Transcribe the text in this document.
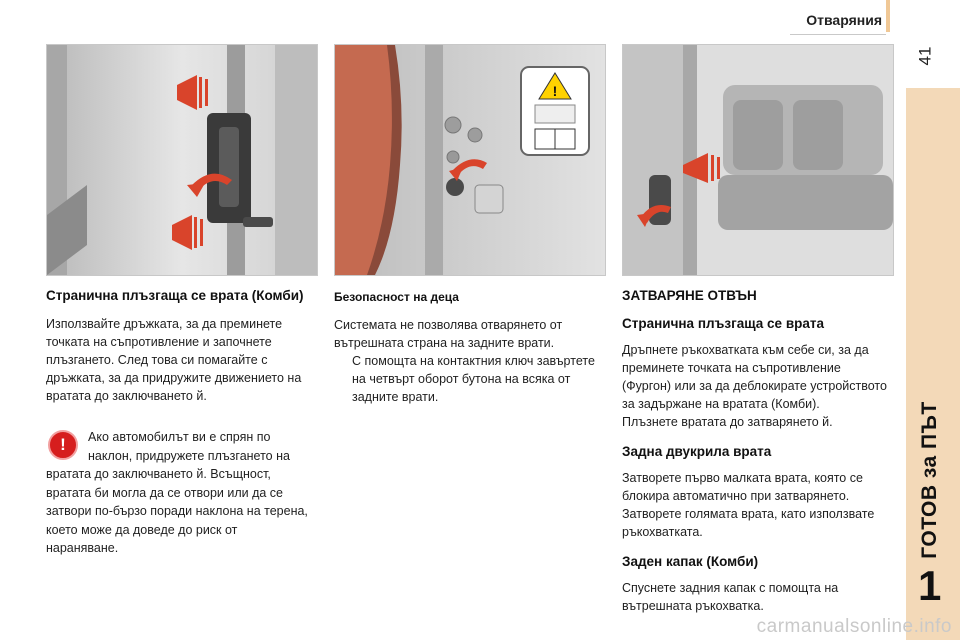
Отваряния
41
ГОТОВ за ПЪТ
1
!

Странична плъзгаща се врата (Комби)

Използвайте дръжката, за да преминете точката на съпротивление и започнете плъзгането. След това си помагайте с дръжката, за да придружите движението на вратата до заключването й.

!	Ако автомобилът ви е спрян по наклон, придружете плъзгането на вратата до заключването й. Всъщност, вратата би могла да се отвори или да се затвори по-бързо поради наклона на терена, което може да доведе до риск от нараняване.

Безопасност на деца

Системата не позволява отварянето от вътрешната страна на задните врати.

С помощта на контактния ключ завъртете на четвърт оборот бутона на всяка от задните врати.

ЗАТВАРЯНЕ ОТВЪН

Странична плъзгаща се врата

Дръпнете ръкохватката към себе си, за да преминете точката на съпротивление (Фургон) или за да деблокирате устройството за задържане на вратата (Комби).
Плъзнете вратата до затварянето й.

Задна двукрила врата

Затворете първо малката врата, която се блокира автоматично при затварянето. Затворете голямата врата, като използвате ръкохватката.

Заден капак (Комби)

Спуснете задния капак с помощта на вътрешната ръкохватка.

carmanualsonline.info
